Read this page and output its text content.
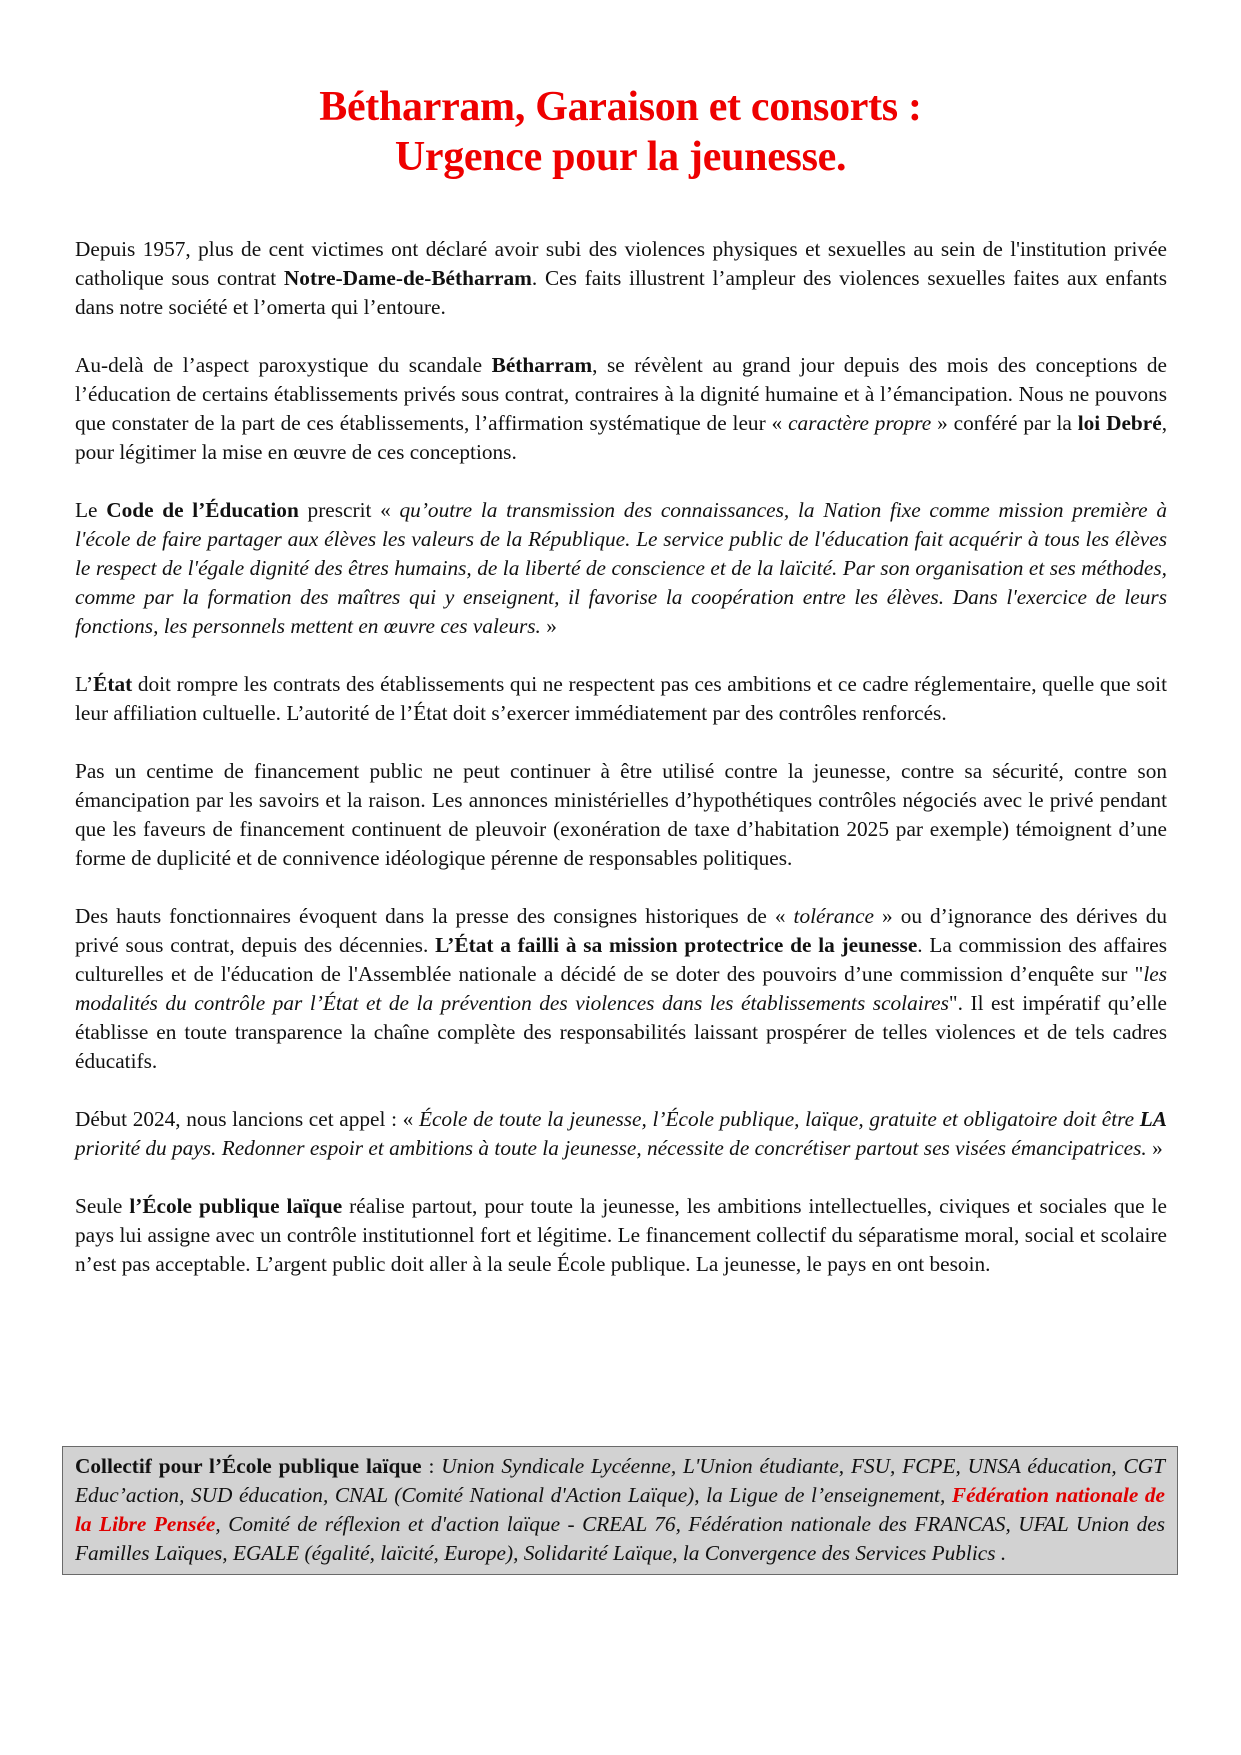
Bétharram, Garaison et consorts :
Urgence pour la jeunesse.

Depuis 1957, plus de cent victimes ont déclaré avoir subi des violences physiques et sexuelles au sein de l'institution privée catholique sous contrat Notre-Dame-de-Bétharram. Ces faits illustrent l’ampleur des violences sexuelles faites aux enfants dans notre société et l’omerta qui l’entoure.

Au-delà de l’aspect paroxystique du scandale Bétharram, se révèlent au grand jour depuis des mois des conceptions de l’éducation de certains établissements privés sous contrat, contraires à la dignité humaine et à l’émancipation. Nous ne pouvons que constater de la part de ces établissements, l’affirmation systématique de leur « caractère propre » conféré par la loi Debré, pour légitimer la mise en œuvre de ces conceptions.

Le Code de l’Éducation prescrit « qu’outre la transmission des connaissances, la Nation fixe comme mission première à l'école de faire partager aux élèves les valeurs de la République. Le service public de l'éducation fait acquérir à tous les élèves le respect de l'égale dignité des êtres humains, de la liberté de conscience et de la laïcité. Par son organisation et ses méthodes, comme par la formation des maîtres qui y enseignent, il favorise la coopération entre les élèves. Dans l'exercice de leurs fonctions, les personnels mettent en œuvre ces valeurs. »

L’État doit rompre les contrats des établissements qui ne respectent pas ces ambitions et ce cadre réglementaire, quelle que soit leur affiliation cultuelle. L’autorité de l’État doit s’exercer immédiatement par des contrôles renforcés.

Pas un centime de financement public ne peut continuer à être utilisé contre la jeunesse, contre sa sécurité, contre son émancipation par les savoirs et la raison. Les annonces ministérielles d’hypothétiques contrôles négociés avec le privé pendant que les faveurs de financement continuent de pleuvoir (exonération de taxe d’habitation 2025 par exemple) témoignent d’une forme de duplicité et de connivence idéologique pérenne de responsables politiques.

Des hauts fonctionnaires évoquent dans la presse des consignes historiques de « tolérance » ou d’ignorance des dérives du privé sous contrat, depuis des décennies. L’État a failli à sa mission protectrice de la jeunesse. La commission des affaires culturelles et de l'éducation de l'Assemblée nationale a décidé de se doter des pouvoirs d’une commission d’enquête sur "les modalités du contrôle par l’État et de la prévention des violences dans les établissements scolaires". Il est impératif qu’elle établisse en toute transparence la chaîne complète des responsabilités laissant prospérer de telles violences et de tels cadres éducatifs.

Début 2024, nous lancions cet appel : « École de toute la jeunesse, l’École publique, laïque, gratuite et obligatoire doit être LA priorité du pays. Redonner espoir et ambitions à toute la jeunesse, nécessite de concrétiser partout ses visées émancipatrices. »

Seule l’École publique laïque réalise partout, pour toute la jeunesse, les ambitions intellectuelles, civiques et sociales que le pays lui assigne avec un contrôle institutionnel fort et légitime. Le financement collectif du séparatisme moral, social et scolaire n’est pas acceptable. L’argent public doit aller à la seule École publique. La jeunesse, le pays en ont besoin.

Collectif pour l’École publique laïque : Union Syndicale Lycéenne, L'Union étudiante, FSU, FCPE, UNSA éducation, CGT Educ’action, SUD éducation, CNAL (Comité National d'Action Laïque), la Ligue de l’enseignement, Fédération nationale de la Libre Pensée, Comité de réflexion et d'action laïque - CREAL 76, Fédération nationale des FRANCAS, UFAL Union des Familles Laïques, EGALE (égalité, laïcité, Europe), Solidarité Laïque, la Convergence des Services Publics .
